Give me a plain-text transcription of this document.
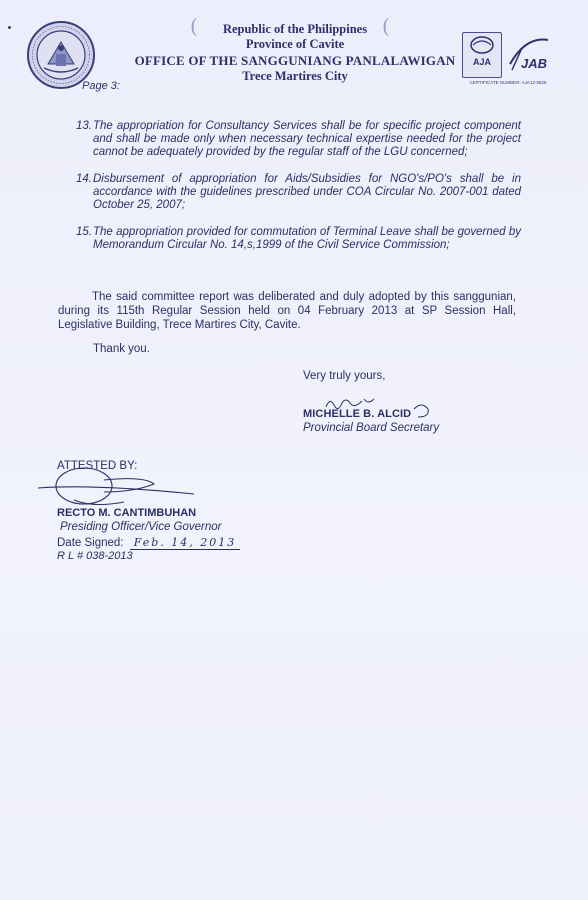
(	(
Republic of the Philippines
Province of Cavite
OFFICE OF THE SANGGUNIANG PANLALAWIGAN
Trece Martires City
AJA	JAB
CERTIFICATE NUMBER: AJA12-9826
Page 3:
13. The appropriation for Consultancy Services shall be for specific project component and shall be made only when necessary technical expertise needed for the project cannot be adequately provided by the regular staff of the LGU concerned;
14. Disbursement of appropriation for Aids/Subsidies for NGO's/PO's shall be in accordance with the guidelines prescribed under COA Circular No. 2007-001 dated October 25, 2007;
15. The appropriation provided for commutation of Terminal Leave shall be governed by Memorandum Circular No. 14,s,1999 of the Civil Service Commission;
The said committee report was deliberated and duly adopted by this sanggunian, during its 115th Regular Session held on 04 February 2013 at SP Session Hall, Legislative Building, Trece Martires City, Cavite.
Thank you.
Very truly yours,
MICHELLE B. ALCID
Provincial Board Secretary
ATTESTED BY:
RECTO M. CANTIMBUHAN
Presiding Officer/Vice Governor
Date Signed: Feb. 14, 2013
R L # 038-2013
